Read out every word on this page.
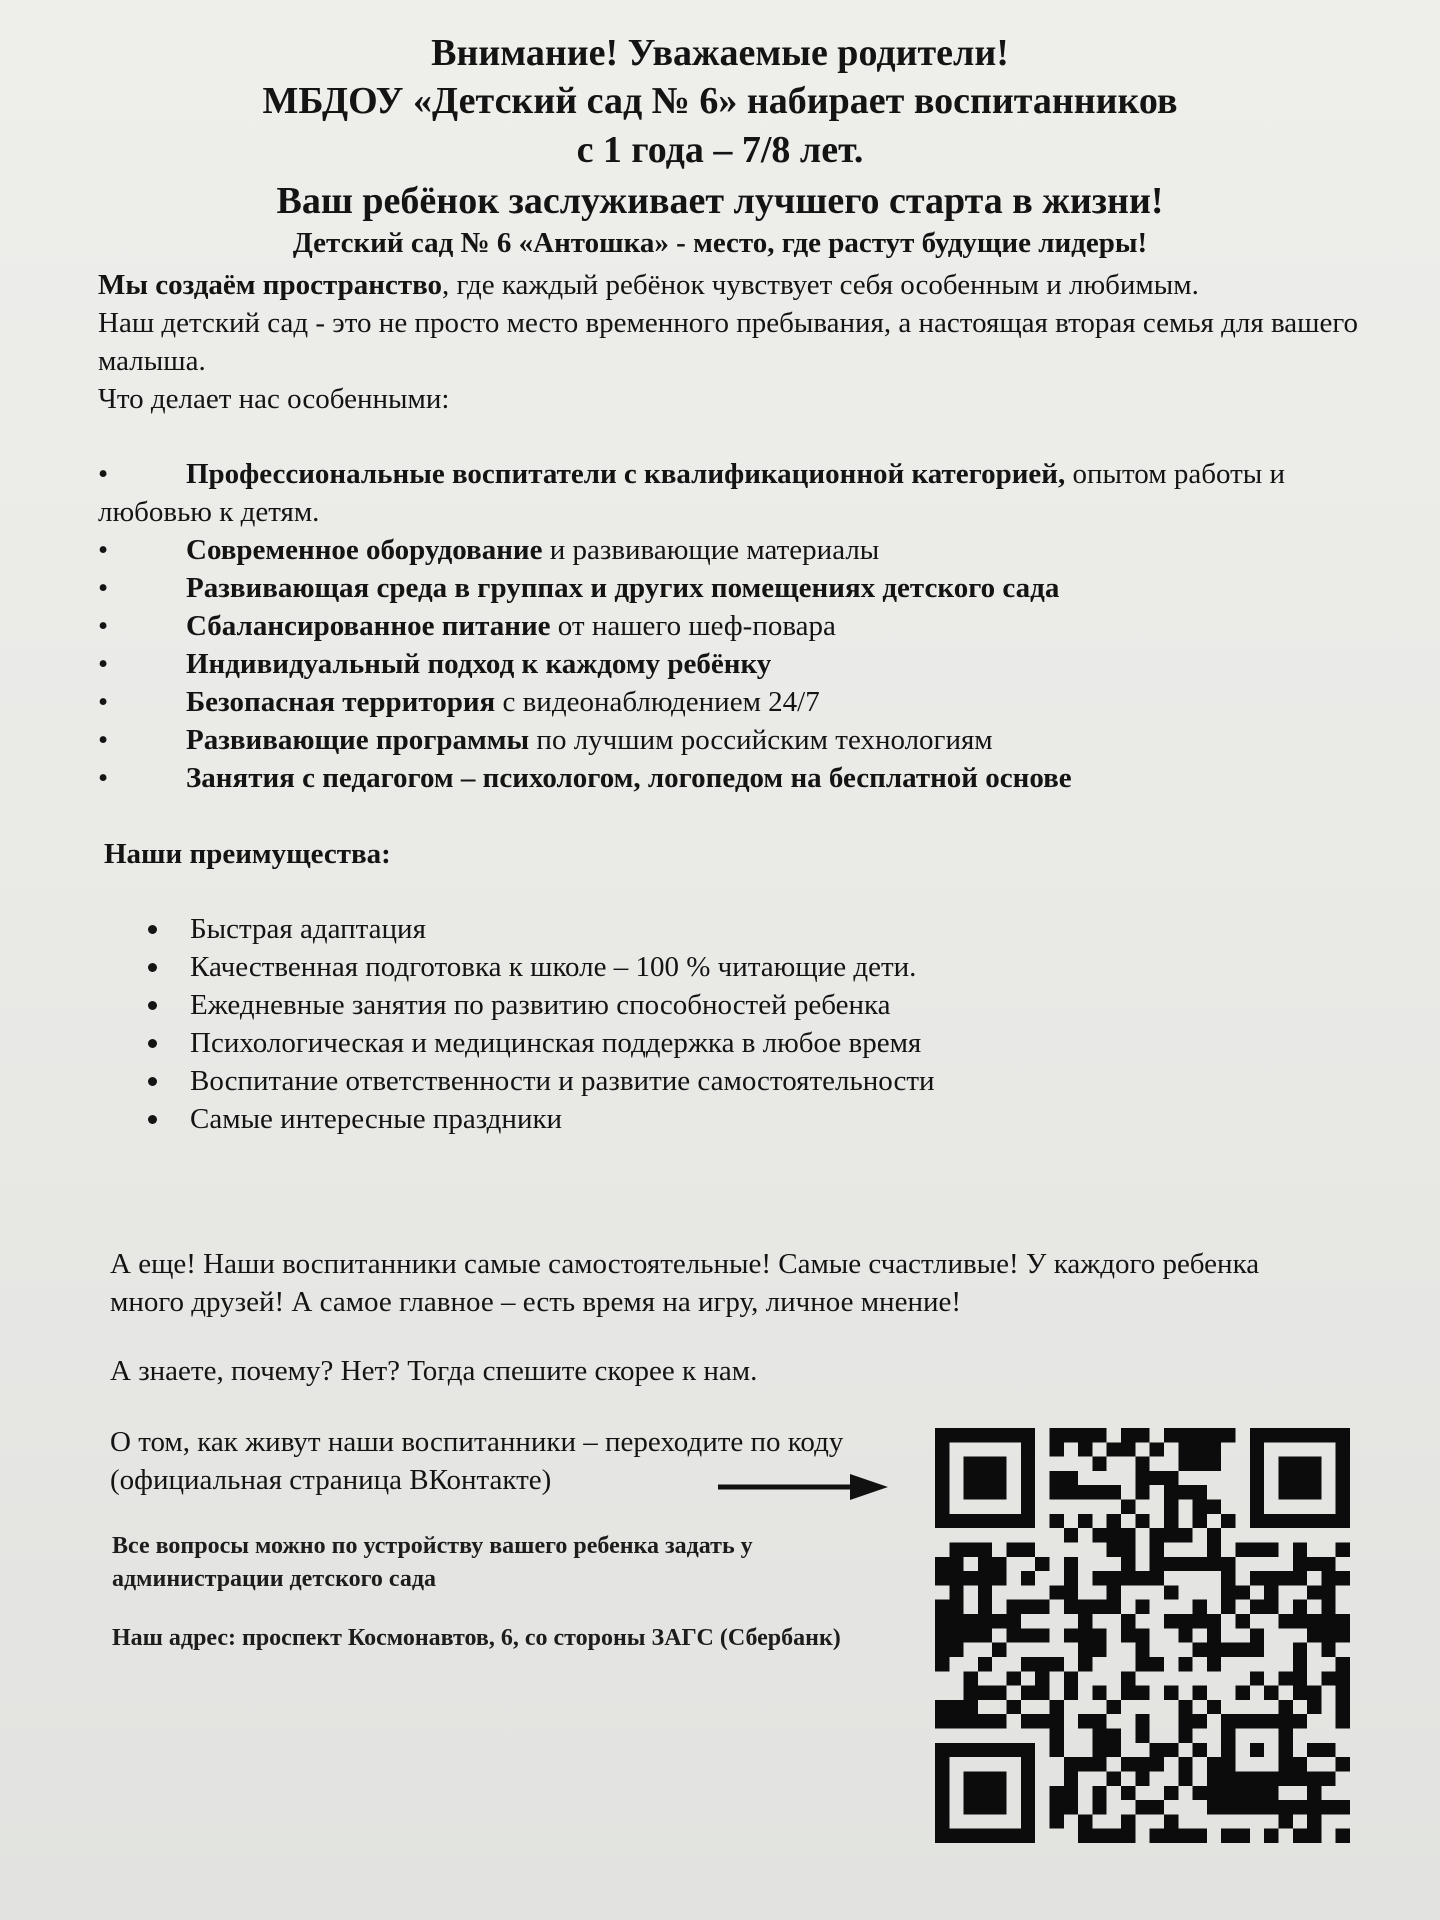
Внимание! Уважаемые родители!
МБДОУ «Детский сад № 6» набирает воспитанников
с 1 года – 7/8 лет.
Ваш ребёнок заслуживает лучшего старта в жизни!
Детский сад № 6 «Антошка» - место, где растут будущие лидеры!

Мы создаём пространство, где каждый ребёнок чувствует себя особенным и любимым.

Наш детский сад - это не просто место временного пребывания, а настоящая вторая семья для вашего малыша.

Что делает нас особенными:

•	Профессиональные воспитатели с квалификационной категорией, опытом работы и любовью к детям.
•	Современное оборудование и развивающие материалы
•	Развивающая среда в группах и других помещениях детского сада
•	Сбалансированное питание от нашего шеф-повара
•	Индивидуальный подход к каждому ребёнку
•	Безопасная территория с видеонаблюдением 24/7
•	Развивающие программы по лучшим российским технологиям
•	Занятия с педагогом – психологом, логопедом на бесплатной основе
Наши преимущества:
Быстрая адаптация
Качественная подготовка к школе – 100 % читающие дети.
Ежедневные занятия по развитию способностей ребенка
Психологическая и медицинская поддержка в любое время
Воспитание ответственности и развитие самостоятельности
Самые интересные праздники
А еще! Наши воспитанники самые самостоятельные! Самые счастливые! У каждого ребенка много друзей! А самое главное – есть время на игру, личное мнение!
А знаете, почему? Нет? Тогда спешите скорее к нам.
О том, как живут наши воспитанники – переходите по коду (официальная страница ВКонтакте)
Все вопросы можно по устройству вашего ребенка задать у администрации детского сада
Наш адрес: проспект Космонавтов, 6, со стороны ЗАГС (Сбербанк)
